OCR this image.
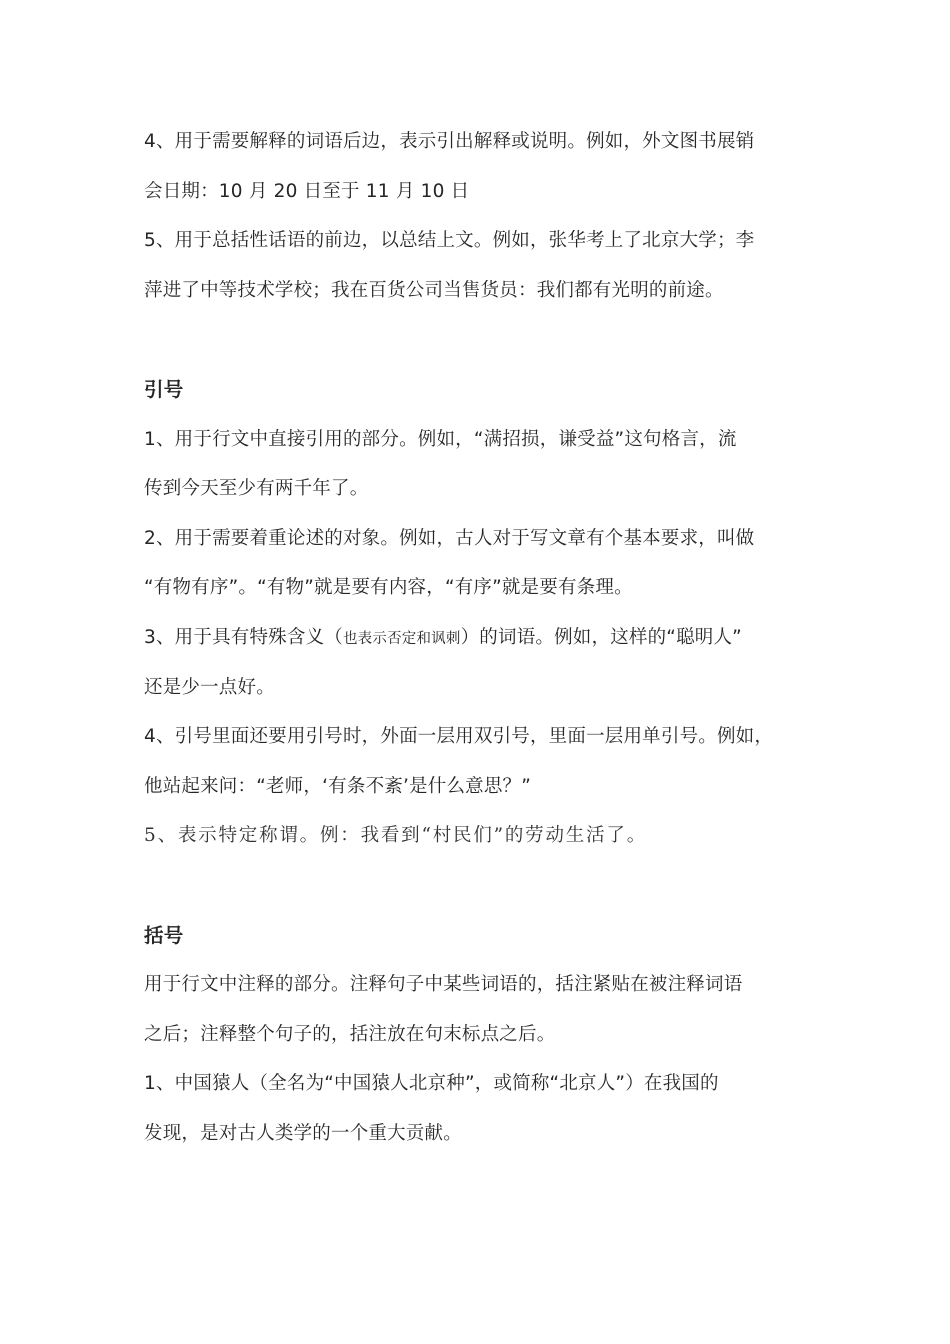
4、用于需要解释的词语后边，表示引出解释或说明。例如，外文图书展销
会日期：10 月 20 日至于 11 月 10 日
5、用于总括性话语的前边，以总结上文。例如，张华考上了北京大学；李
萍进了中等技术学校；我在百货公司当售货员：我们都有光明的前途。
引号
1、用于行文中直接引用的部分。例如，“满招损，谦受益”这句格言，流
传到今天至少有两千年了。
2、用于需要着重论述的对象。例如，古人对于写文章有个基本要求，叫做
“有物有序”。“有物”就是要有内容，“有序”就是要有条理。
3、用于具有特殊含义（也表示否定和讽刺）的词语。例如，这样的“聪明人”
还是少一点好。
4、引号里面还要用引号时，外面一层用双引号，里面一层用单引号。例如，
他站起来问：“老师，‘有条不紊’是什么意思？”
5、表示特定称谓。例：我看到“村民们”的劳动生活了。
括号
用于行文中注释的部分。注释句子中某些词语的，括注紧贴在被注释词语
之后；注释整个句子的，括注放在句末标点之后。
1、中国猿人（全名为“中国猿人北京种”，或简称“北京人”）在我国的
发现，是对古人类学的一个重大贡献。
